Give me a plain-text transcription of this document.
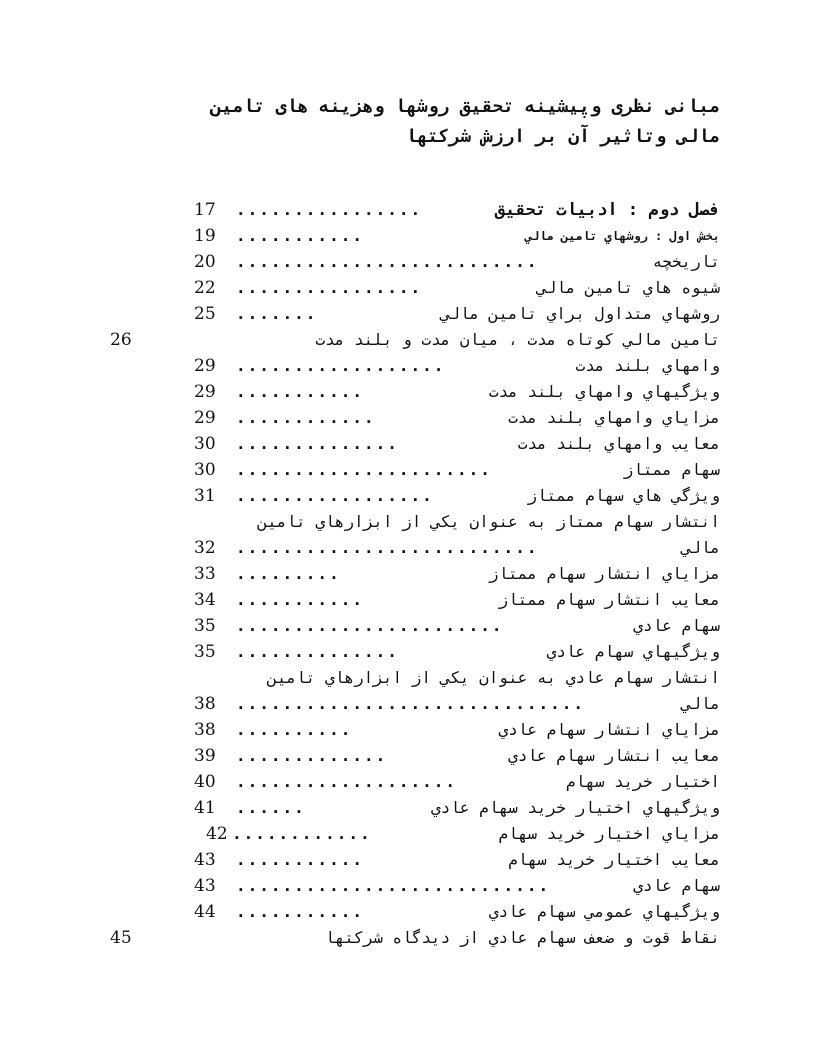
مبانی نظری وپیشینه تحقیق روشها وهزینه های تامین
مالی وتاثیر آن بر ارزش شرکتها
فصل دوم : ادبيات تحقيق
................
17
بخش اول : روشهاي تامين مالي
...........
19
تاريخچه
..........................
20
شيوه هاي تامين مالي
................
22
روشهاي متداول براي تامين مالي
.......
25
تامين مالي كوتاه مدت ، ميان مدت و بلند مدت
26
وامهاي بلند مدت
..................
29
ويژگيهاي وامهاي بلند مدت
...........
29
مزاياي وامهاي بلند مدت
............
29
معايب وامهاي بلند مدت
..............
30
سهام ممتاز
......................
30
ويژگي هاي سهام ممتاز
.................
31
انتشار سهام ممتاز به عنوان يكي از ابزارهاي تامين
مالي
..........................
32
مزاياي انتشار سهام ممتاز
.........
33
معايب انتشار سهام ممتاز
...........
34
سهام عادي
.......................
35
ويژگيهاي سهام عادي
..............
35
انتشار سهام عادي به عنوان يكي از ابزارهاي تامين
مالي
..............................
38
مزاياي انتشار سهام عادي
..........
38
معايب انتشار سهام عادي
.............
39
اختيار خريد سهام
...................
40
ويژگيهاي اختيار خريد سهام عادي
......
41
مزاياي اختيار خريد سهام
............
42
معايب اختيار خريد سهام
...........
43
سهام عادي
...........................
43
ويژگيهاي عمومي سهام عادي
...........
44
نقاط قوت و ضعف سهام عادي از ديدگاه شركتها
45
